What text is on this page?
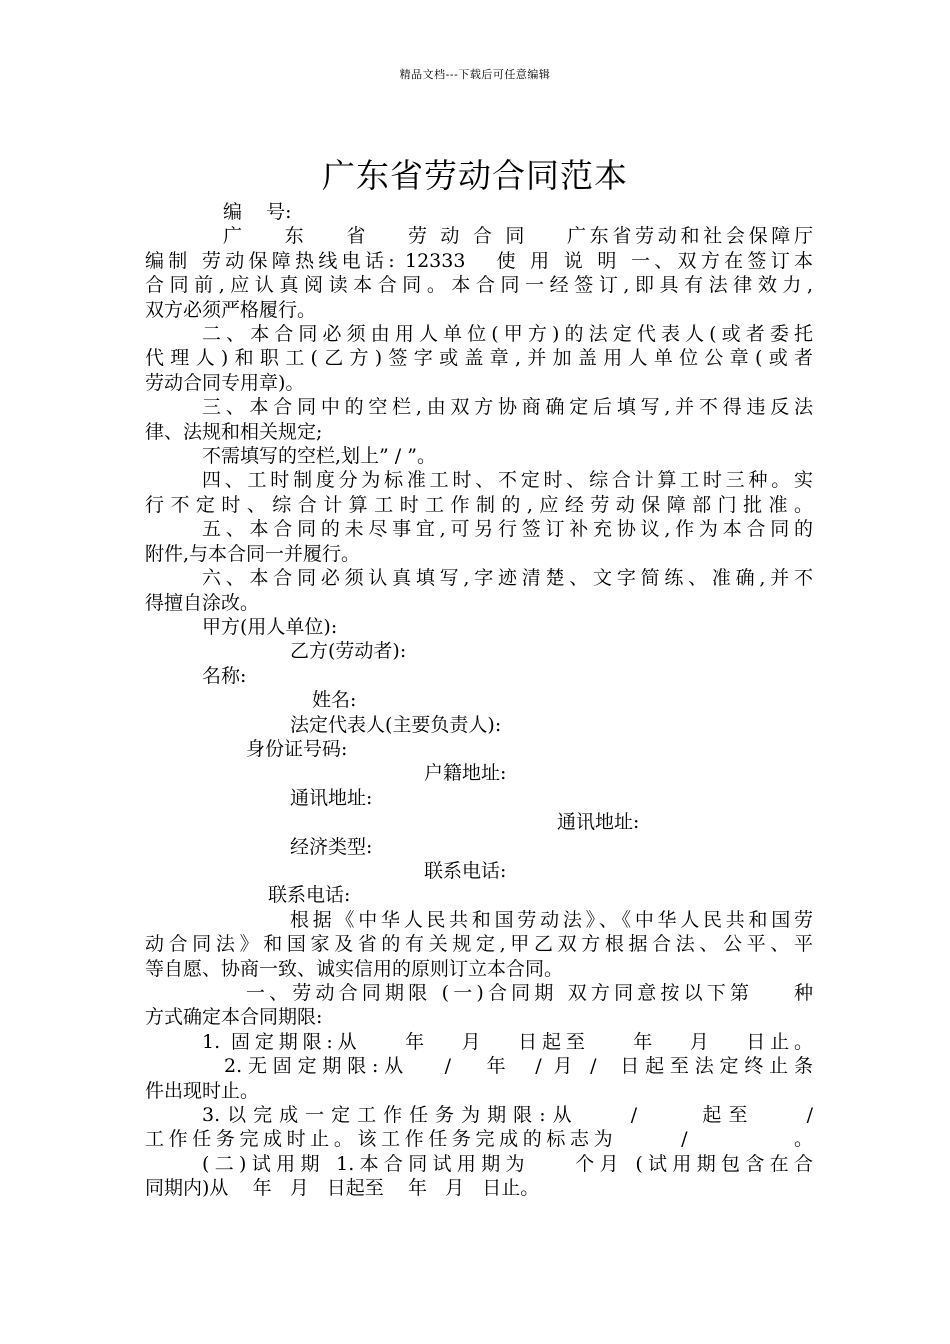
精品文档---下载后可任意编辑
广东省劳动合同范本

编    号:

广    东    省    劳 动 合 同    广东省劳动和社会保障厅

编制 劳动保障热线电话: 12333   使 用 说 明 一、双方在签订本

合同前,应认真阅读本合同。本合同一经签订,即具有法律效力,

双方必须严格履行。

二、本合同必须由用人单位(甲方)的法定代表人(或者委托

代理人)和职工(乙方)签字或盖章,并加盖用人单位公章(或者

劳动合同专用章)。

三、本合同中的空栏,由双方协商确定后填写,并不得违反法

律、法规和相关规定;

不需填写的空栏,划上” / ”。

四、工时制度分为标准工时、不定时、综合计算工时三种。实

行不定时、综合计算工时工作制的,应经劳动保障部门批准。

五、本合同的未尽事宜,可另行签订补充协议,作为本合同的

附件,与本合同一并履行。

六、本合同必须认真填写,字迹清楚、文字简练、准确,并不

得擅自涂改。

甲方(用人单位):

乙方(劳动者):

名称:

姓名:

法定代表人(主要负责人):

身份证号码:

户籍地址:

通讯地址:

通讯地址:

经济类型:

联系电话:

联系电话:

根据《中华人民共和国劳动法》、《中华人民共和国劳

动合同法》和国家及省的有关规定,甲乙双方根据合法、公平、平

等自愿、协商一致、诚实信用的原则订立本合同。

一、劳动合同期限 (一)合同期 双方同意按以下第    种

方式确定本合同期限:

1. 固定期限:从    年   月   日起至    年   月   日止。

2.无固定期限:从   /   年  / 月 /  日起至法定终止条

件出现时止。

3.以完成一定工作任务为期限:从    /     起至    /

工作任务完成时止。该工作任务完成的标志为      /          。

(二)试用期 1.本合同试用期为    个月 (试用期包含在合

同期内)从    年   月   日起至    年   月   日止。
